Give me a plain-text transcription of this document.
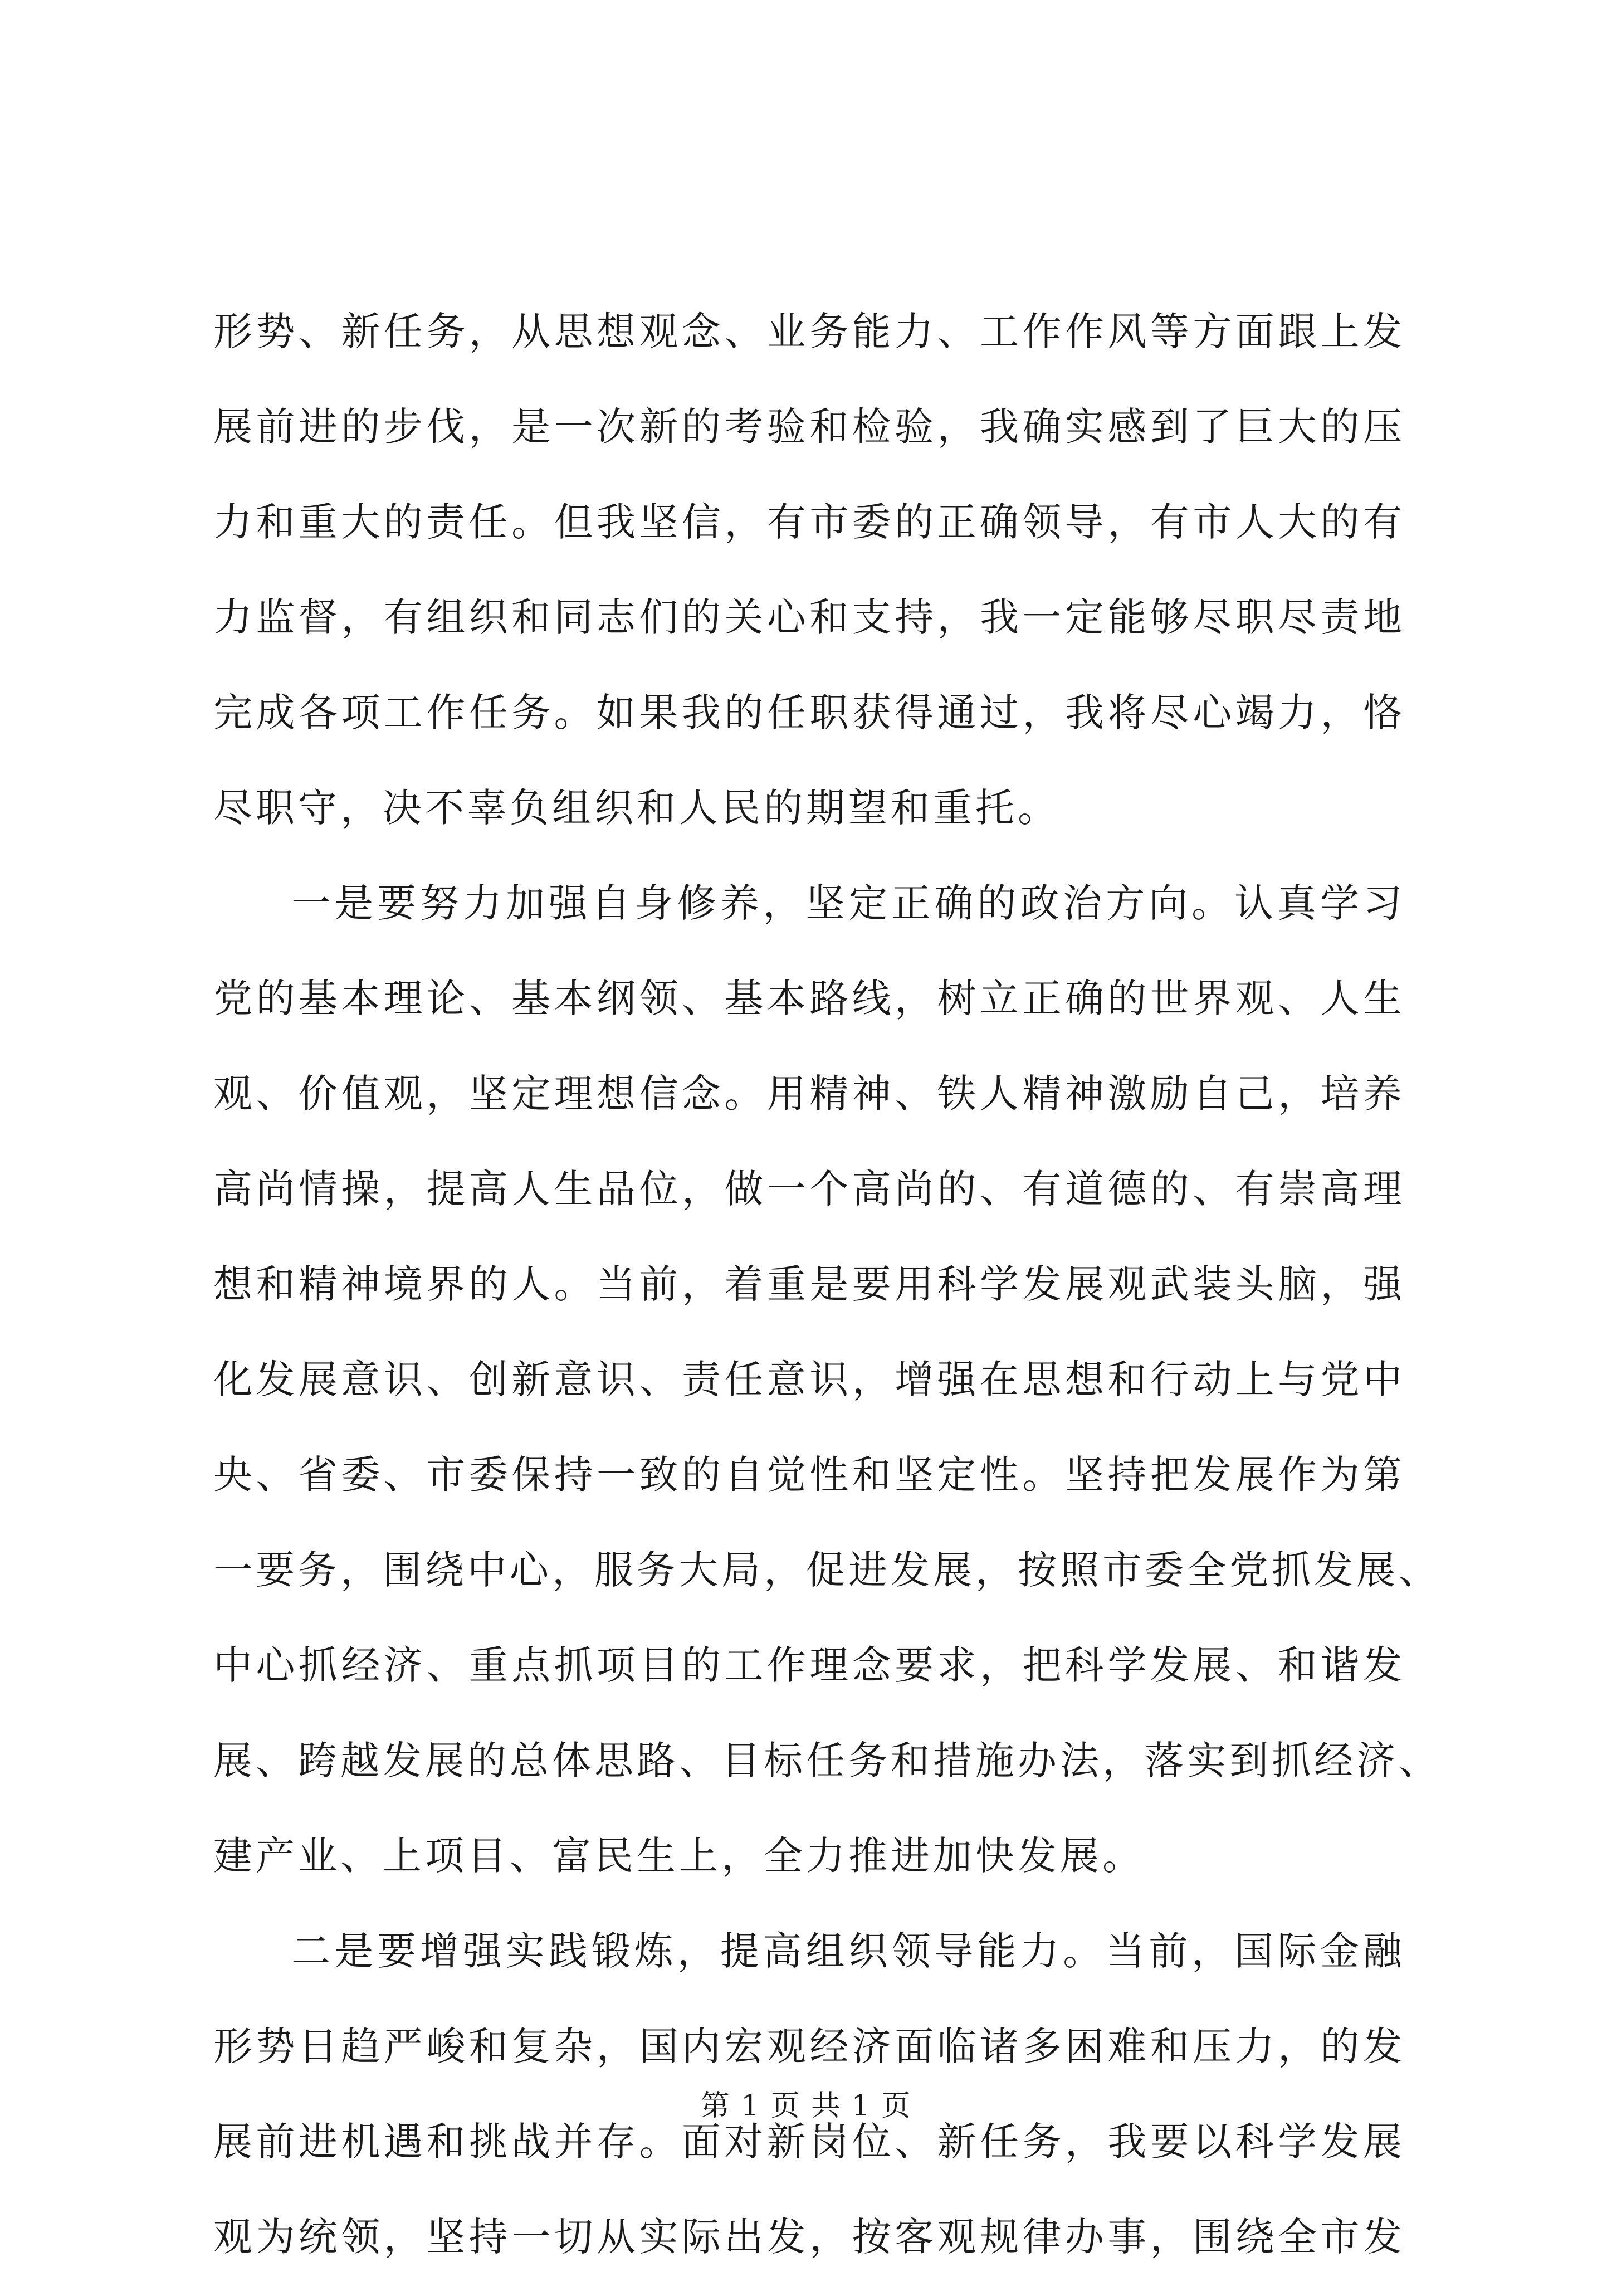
形势、新任务，从思想观念、业务能力、工作作风等方面跟上发
展前进的步伐，是一次新的考验和检验，我确实感到了巨大的压
力和重大的责任。但我坚信，有市委的正确领导，有市人大的有
力监督，有组织和同志们的关心和支持，我一定能够尽职尽责地
完成各项工作任务。如果我的任职获得通过，我将尽心竭力，恪
尽职守，决不辜负组织和人民的期望和重托。
一是要努力加强自身修养，坚定正确的政治方向。认真学习
党的基本理论、基本纲领、基本路线，树立正确的世界观、人生
观、价值观，坚定理想信念。用精神、铁人精神激励自己，培养
高尚情操，提高人生品位，做一个高尚的、有道德的、有崇高理
想和精神境界的人。当前，着重是要用科学发展观武装头脑，强
化发展意识、创新意识、责任意识，增强在思想和行动上与党中
央、省委、市委保持一致的自觉性和坚定性。坚持把发展作为第
一要务，围绕中心，服务大局，促进发展，按照市委全党抓发展、
中心抓经济、重点抓项目的工作理念要求，把科学发展、和谐发
展、跨越发展的总体思路、目标任务和措施办法，落实到抓经济、
建产业、上项目、富民生上，全力推进加快发展。
二是要增强实践锻炼，提高组织领导能力。当前，国际金融
形势日趋严峻和复杂，国内宏观经济面临诸多困难和压力，的发
展前进机遇和挑战并存。面对新岗位、新任务，我要以科学发展
观为统领，坚持一切从实际出发，按客观规律办事，围绕全市发
第 1 页 共 1 页
